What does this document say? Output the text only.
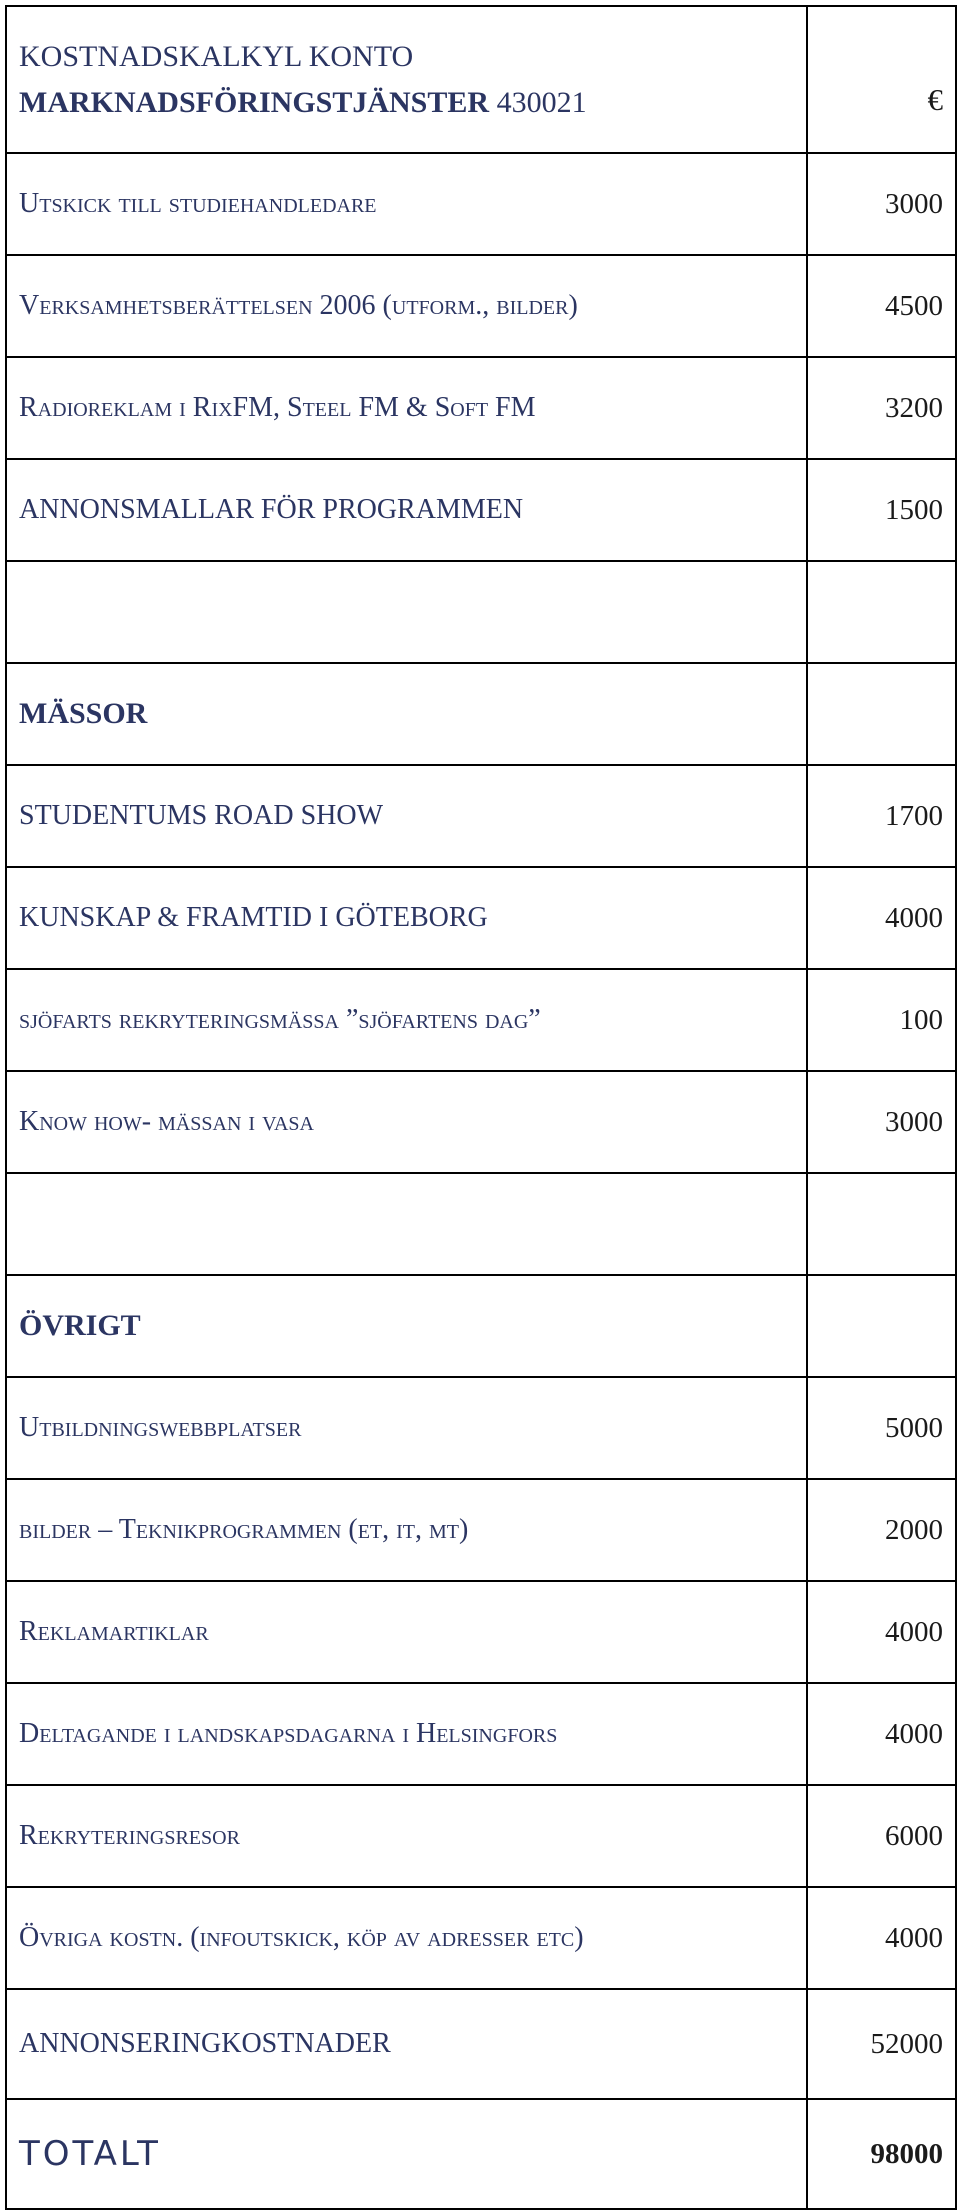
KOSTNADSKALKYL KONTO
MARKNADSFÖRINGSTJÄNSTER 430021	€
Utskick till studiehandledare	3000
Verksamhetsberättelsen 2006 (utform., bilder)	4500
Radioreklam i RixFM, Steel FM & Soft FM	3200
ANNONSMALLAR FÖR PROGRAMMEN	1500

MÄSSOR	
STUDENTUMS ROAD SHOW	1700
KUNSKAP & FRAMTID I GÖTEBORG	4000
sjöfarts rekryteringsmässa ”sjöfartens dag”	100
Know how- mässan i vasa	3000

ÖVRIGT	
Utbildningswebbplatser	5000
bilder – Teknikprogrammen (et, it, mt)	2000
Reklamartiklar	4000
Deltagande i landskapsdagarna i Helsingfors	4000
Rekryteringsresor	6000
Övriga kostn. (infoutskick, köp av adresser etc)	4000
ANNONSERINGKOSTNADER	52000
TOTALT	98000
